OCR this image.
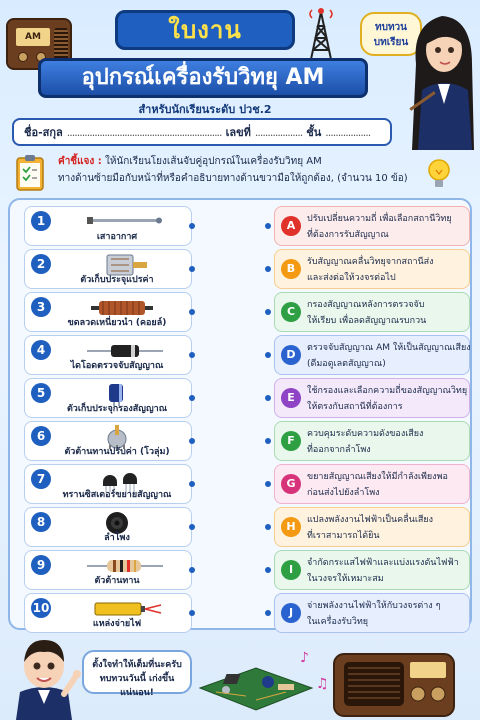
AM	ใบงาน
อุปกรณ์เครื่องรับวิทยุ AM
สำหรับนักเรียนระดับ ปวช.2
ทบทวน
บทเรียน
ชื่อ-สกุล .............................................................. เลขที่ ................... ชั้น ..................
คำชี้แจง : ให้นักเรียนโยงเส้นจับคู่อุปกรณ์ในเครื่องรับวิทยุ AM
ทางด้านซ้ายมือกับหน้าที่หรือคำอธิบายทางด้านขวามือให้ถูกต้อง, (จำนวน 10 ข้อ)
1
เสาอากาศ
2
ตัวเก็บประจุแปรค่า
3
ขดลวดเหนี่ยวนำ (คอยล์)
4
ไดโอดตรวจจับสัญญาณ
5
ตัวเก็บประจุกรองสัญญาณ
6
ตัวต้านทานปรับค่า (โวลุ่ม)
7
ทรานซิสเตอร์ขยายสัญญาณ
8
ลำโพง
9
ตัวต้านทาน
10
แหล่งจ่ายไฟ
A	ปรับเปลี่ยนความถี่ เพื่อเลือกสถานีวิทยุ
ที่ต้องการรับสัญญาณ
B	รับสัญญาณคลื่นวิทยุจากสถานีส่ง
และส่งต่อให้วงจรต่อไป
C	กรองสัญญาณหลังการตรวจจับ
ให้เรียบ เพื่อลดสัญญาณรบกวน
D	ตรวจจับสัญญาณ AM ให้เป็นสัญญาณเสียง
(ดีมอดูเลตสัญญาณ)
E	ใช้กรองและเลือกความถี่ของสัญญาณวิทยุ
ให้ตรงกับสถานีที่ต้องการ
F	ควบคุมระดับความดังของเสียง
ที่ออกจากลำโพง
G	ขยายสัญญาณเสียงให้มีกำลังเพียงพอ
ก่อนส่งไปยังลำโพง
H	แปลงพลังงานไฟฟ้าเป็นคลื่นเสียง
ที่เราสามารถได้ยิน
I	จำกัดกระแสไฟฟ้าและแบ่งแรงดันไฟฟ้า
ในวงจรให้เหมาะสม
J	จ่ายพลังงานไฟฟ้าให้กับวงจรต่าง ๆ
ในเครื่องรับวิทยุ
ตั้งใจทำให้เต็มที่นะครับ
ทบทวนวันนี้ เก่งขึ้นแน่นอน!
♪
♫
